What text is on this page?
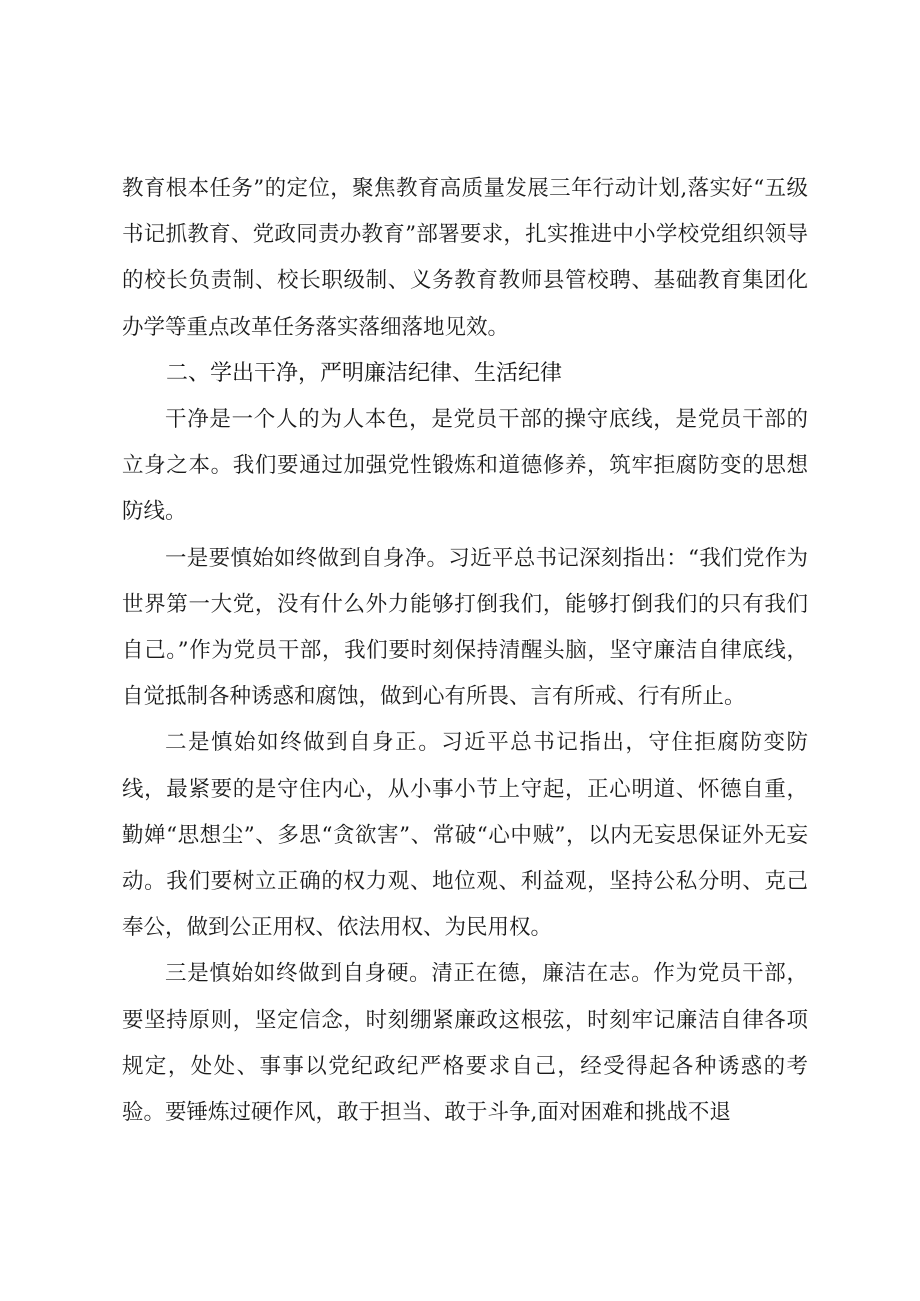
教育根本任务”的定位，聚焦教育高质量发展三年行动计划,落实好“五级书记抓教育、党政同责办教育”部署要求，扎实推进中小学校党组织领导的校长负责制、校长职级制、义务教育教师县管校聘、基础教育集团化办学等重点改革任务落实落细落地见效。

二、学出干净，严明廉洁纪律、生活纪律

干净是一个人的为人本色，是党员干部的操守底线，是党员干部的立身之本。我们要通过加强党性锻炼和道德修养，筑牢拒腐防变的思想防线。

一是要慎始如终做到自身净。习近平总书记深刻指出：“我们党作为世界第一大党，没有什么外力能够打倒我们，能够打倒我们的只有我们自己。”作为党员干部，我们要时刻保持清醒头脑，坚守廉洁自律底线，自觉抵制各种诱惑和腐蚀，做到心有所畏、言有所戒、行有所止。

二是慎始如终做到自身正。习近平总书记指出，守住拒腐防变防线，最紧要的是守住内心，从小事小节上守起，正心明道、怀德自重，勤婵“思想尘”、多思“贪欲害”、常破“心中贼”，以内无妄思保证外无妄动。我们要树立正确的权力观、地位观、利益观，坚持公私分明、克己奉公，做到公正用权、依法用权、为民用权。

三是慎始如终做到自身硬。清正在德，廉洁在志。作为党员干部，要坚持原则，坚定信念，时刻绷紧廉政这根弦，时刻牢记廉洁自律各项规定，处处、事事以党纪政纪严格要求自己，经受得起各种诱惑的考验。要锤炼过硬作风，敢于担当、敢于斗争,面对困难和挑战不退
